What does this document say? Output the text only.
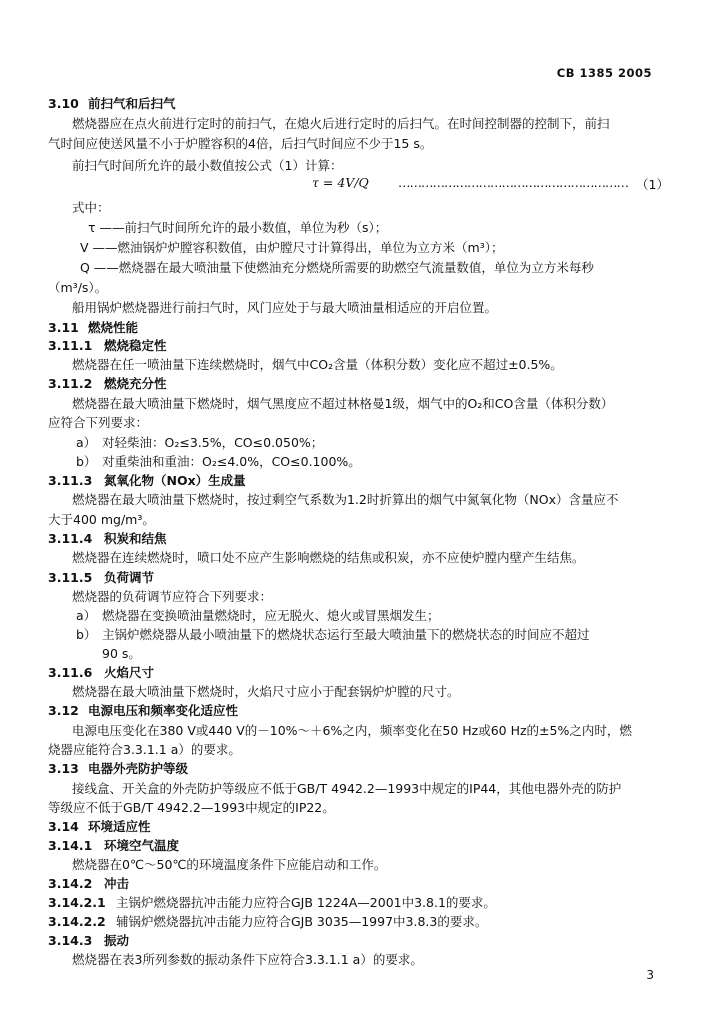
CB 1385 2005
3.10 前扫气和后扫气
燃烧器应在点火前进行定时的前扫气，在熄火后进行定时的后扫气。在时间控制器的控制下，前扫
气时间应使送风量不小于炉膛容积的4倍，后扫气时间应不少于15 s。
前扫气时间所允许的最小数值按公式（1）计算：
τ = 4V/Q …………………………………………………… （1）
式中：
τ ——前扫气时间所允许的最小数值，单位为秒（s）；
V ——燃油锅炉炉膛容积数值，由炉膛尺寸计算得出，单位为立方米（m³）；
Q ——燃烧器在最大喷油量下使燃油充分燃烧所需要的助燃空气流量数值，单位为立方米每秒
（m³/s）。
船用锅炉燃烧器进行前扫气时，风门应处于与最大喷油量相适应的开启位置。
3.11 燃烧性能
3.11.1 燃烧稳定性
燃烧器在任一喷油量下连续燃烧时，烟气中CO₂含量（体积分数）变化应不超过±0.5%。
3.11.2 燃烧充分性
燃烧器在最大喷油量下燃烧时，烟气黑度应不超过林格曼1级，烟气中的O₂和CO含量（体积分数）
应符合下列要求：
a） 对轻柴油：O₂≤3.5%，CO≤0.050%；
b） 对重柴油和重油：O₂≤4.0%，CO≤0.100%。
3.11.3 氮氧化物（NOx）生成量
燃烧器在最大喷油量下燃烧时，按过剩空气系数为1.2时折算出的烟气中氮氧化物（NOx）含量应不
大于400 mg/m³。
3.11.4 积炭和结焦
燃烧器在连续燃烧时，喷口处不应产生影响燃烧的结焦或积炭，亦不应使炉膛内壁产生结焦。
3.11.5 负荷调节
燃烧器的负荷调节应符合下列要求：
a） 燃烧器在变换喷油量燃烧时，应无脱火、熄火或冒黑烟发生；
b） 主锅炉燃烧器从最小喷油量下的燃烧状态运行至最大喷油量下的燃烧状态的时间应不超过
90 s。
3.11.6 火焰尺寸
燃烧器在最大喷油量下燃烧时，火焰尺寸应小于配套锅炉炉膛的尺寸。
3.12 电源电压和频率变化适应性
电源电压变化在380 V或440 V的－10%～＋6%之内，频率变化在50 Hz或60 Hz的±5%之内时，燃
烧器应能符合3.3.1.1 a）的要求。
3.13 电器外壳防护等级
接线盒、开关盒的外壳防护等级应不低于GB/T 4942.2—1993中规定的IP44，其他电器外壳的防护
等级应不低于GB/T 4942.2—1993中规定的IP22。
3.14 环境适应性
3.14.1 环境空气温度
燃烧器在0℃～50℃的环境温度条件下应能启动和工作。
3.14.2 冲击
3.14.2.1 主锅炉燃烧器抗冲击能力应符合GJB 1224A—2001中3.8.1的要求。
3.14.2.2 辅锅炉燃烧器抗冲击能力应符合GJB 3035—1997中3.8.3的要求。
3.14.3 振动
燃烧器在表3所列参数的振动条件下应符合3.3.1.1 a）的要求。
3
